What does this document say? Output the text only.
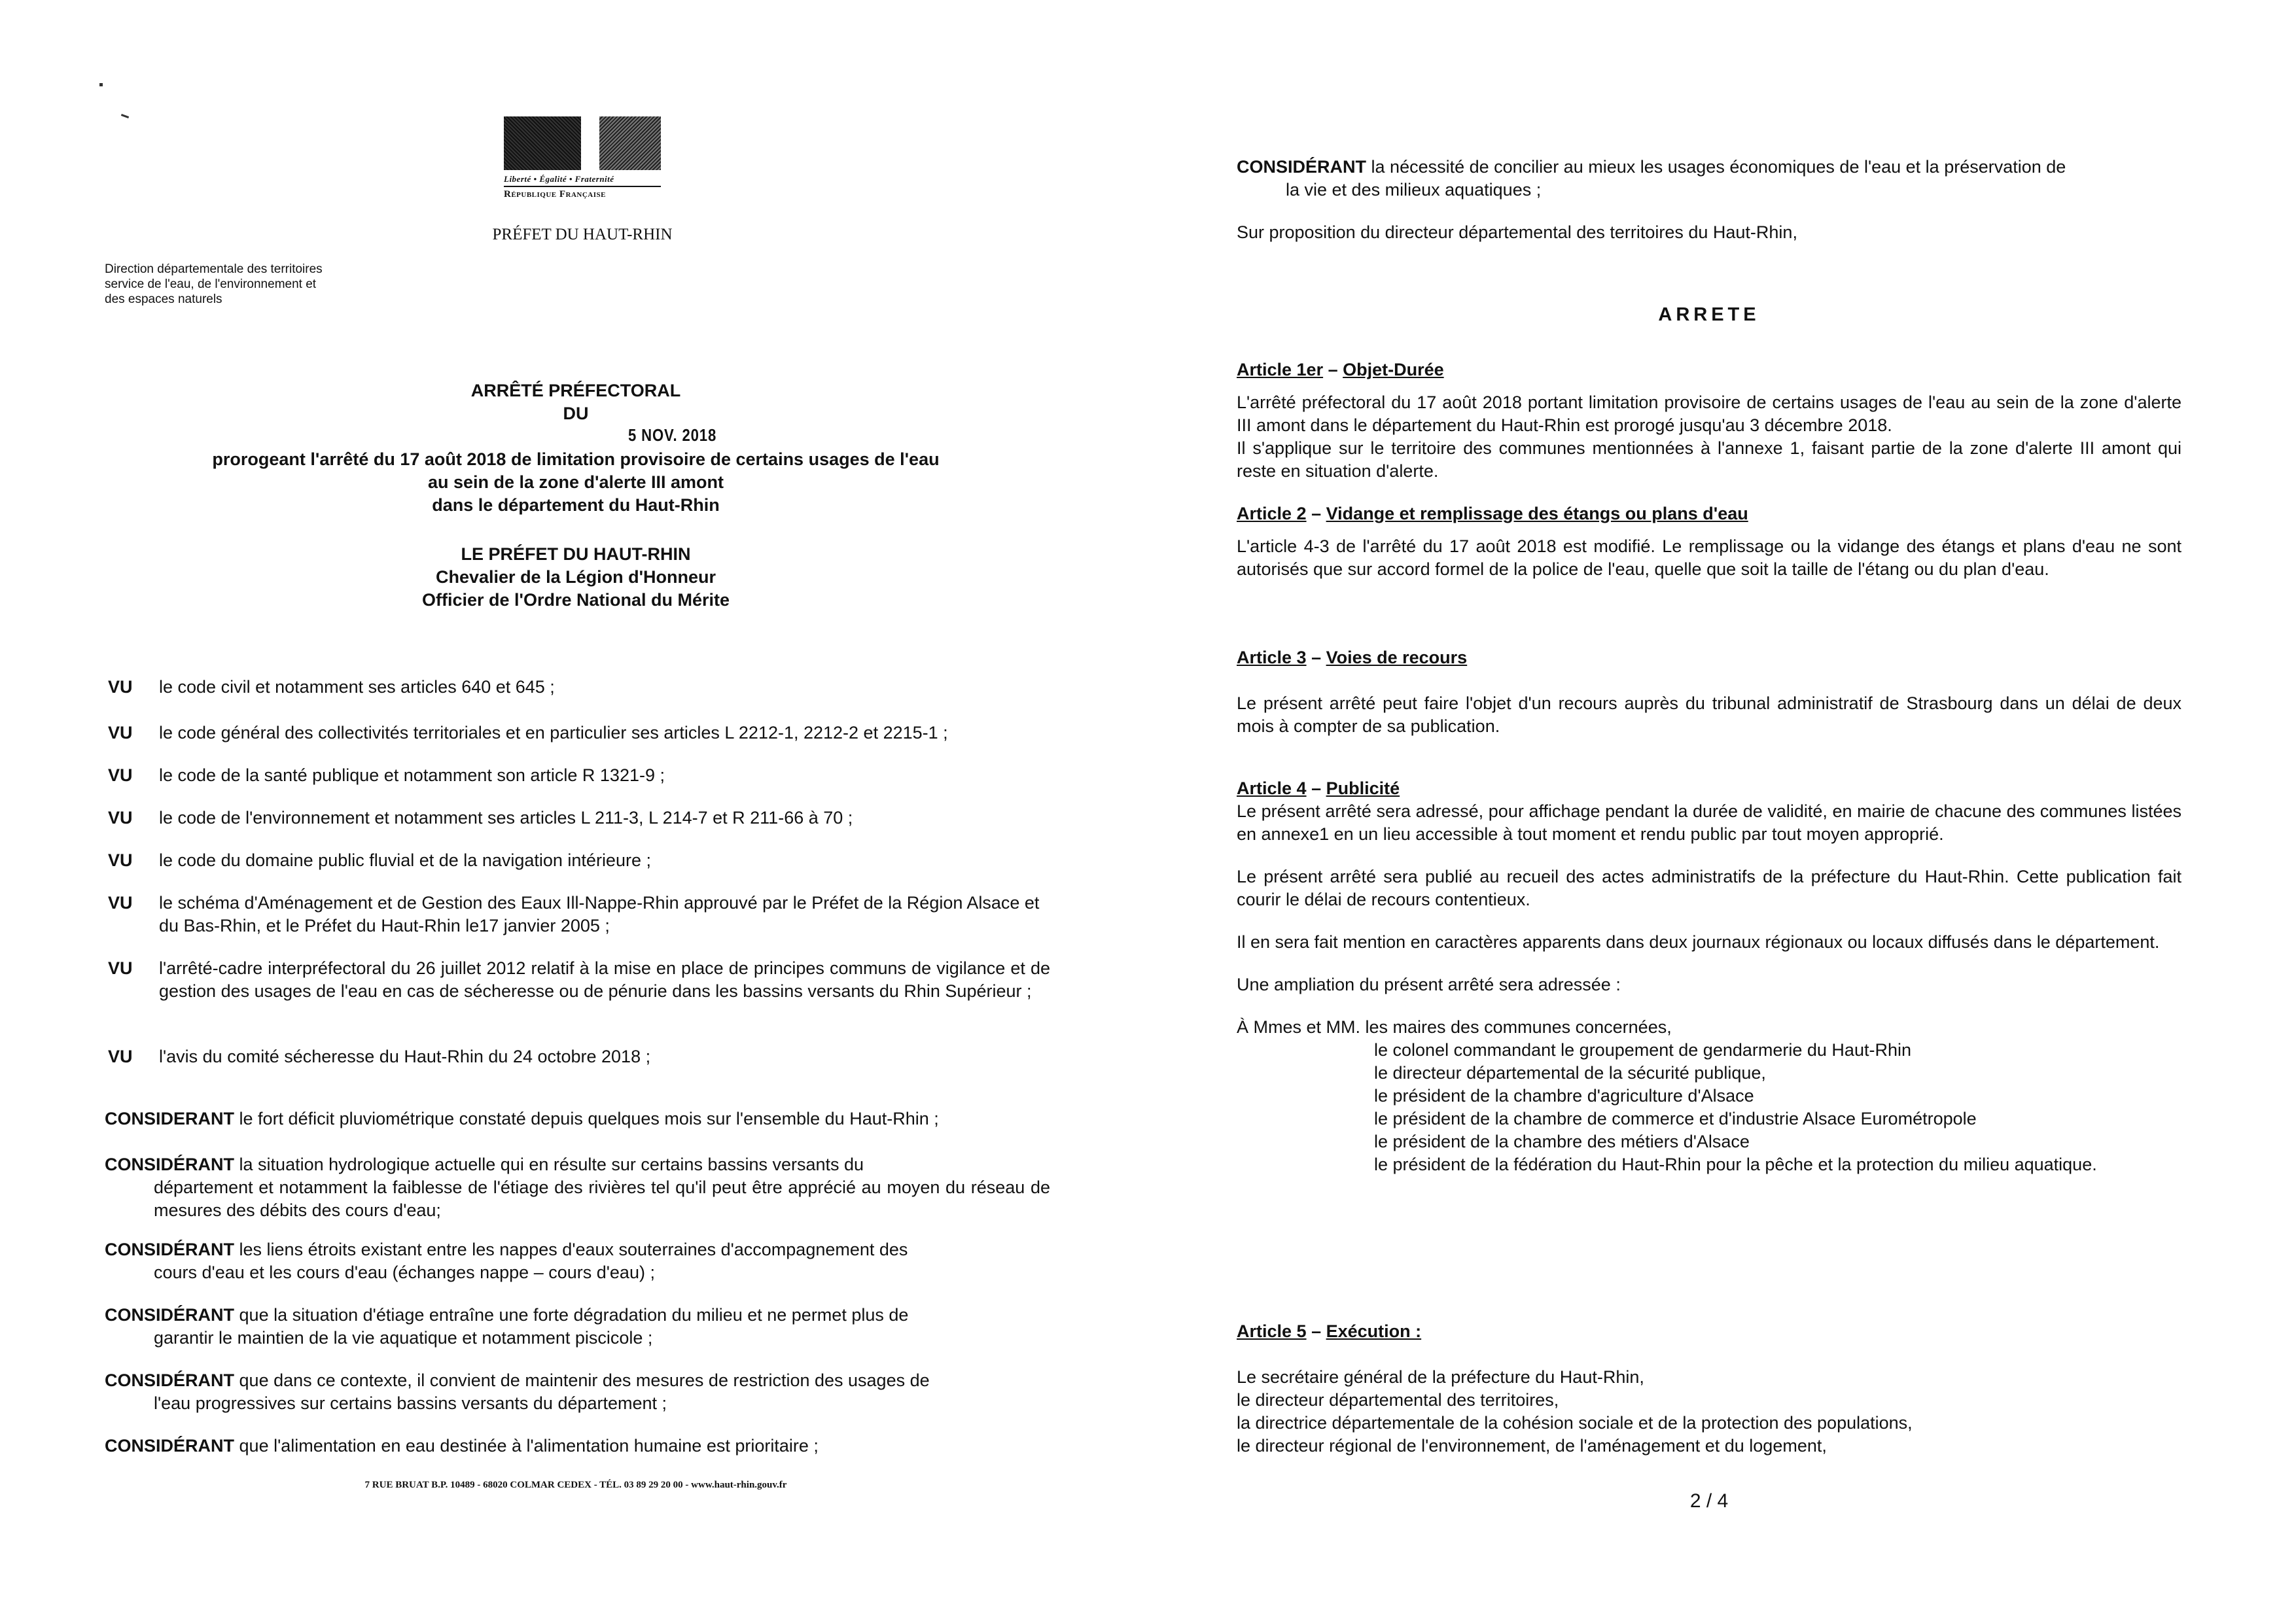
Liberté • Égalité • Fraternité
République Française
PRÉFET DU HAUT-RHIN
Direction départementale des territoires
service de l'eau, de l'environnement et
des espaces naturels
ARRÊTÉ PRÉFECTORAL
DU
prorogeant l'arrêté du 17 août 2018 de limitation provisoire de certains usages de l'eau
au sein de la zone d'alerte III amont
dans le département du Haut-Rhin
5 NOV. 2018
LE PRÉFET DU HAUT-RHIN
Chevalier de la Légion d'Honneur
Officier de l'Ordre National du Mérite
VU	le code civil et notamment ses articles 640 et 645 ;
VU	le code général des collectivités territoriales et en particulier ses articles L 2212-1, 2212-2 et 2215-1 ;
VU	le code de la santé publique et notamment son article R 1321-9 ;
VU	le code de l'environnement et notamment ses articles L 211-3, L 214-7 et R 211-66 à 70 ;
VU	le code du domaine public fluvial et de la navigation intérieure ;
VU	le schéma d'Aménagement et de Gestion des Eaux Ill-Nappe-Rhin approuvé par le Préfet de la Région Alsace et du Bas-Rhin, et le Préfet du Haut-Rhin le17 janvier 2005 ;
VU	l'arrêté-cadre interpréfectoral du 26 juillet 2012 relatif à la mise en place de principes communs de vigilance et de gestion des usages de l'eau en cas de sécheresse ou de pénurie dans les bassins versants du Rhin Supérieur ;
VU	l'avis du comité sécheresse du Haut-Rhin du 24 octobre 2018 ;
CONSIDERANT le fort déficit pluviométrique constaté depuis quelques mois sur l'ensemble du Haut-Rhin ;
CONSIDÉRANT la situation hydrologique actuelle qui en résulte sur certains bassins versants du
département et notamment la faiblesse de l'étiage des rivières tel qu'il peut être apprécié au moyen du réseau de mesures des débits des cours d'eau;
CONSIDÉRANT les liens étroits existant entre les nappes d'eaux souterraines d'accompagnement des
cours d'eau et les cours d'eau (échanges nappe – cours d'eau) ;
CONSIDÉRANT que la situation d'étiage entraîne une forte dégradation du milieu et ne permet plus de
garantir le maintien de la vie aquatique et notamment piscicole ;
CONSIDÉRANT que dans ce contexte, il convient de maintenir des mesures de restriction des usages de
l'eau progressives sur certains bassins versants du département ;
CONSIDÉRANT que l'alimentation en eau destinée à l'alimentation humaine est prioritaire ;
7 RUE BRUAT B.P. 10489 - 68020 COLMAR CEDEX - TÉL. 03 89 29 20 00 - www.haut-rhin.gouv.fr
CONSIDÉRANT la nécessité de concilier au mieux les usages économiques de l'eau et la préservation de
la vie et des milieux aquatiques ;
Sur proposition du directeur départemental des territoires du Haut-Rhin,
ARRETE
Article 1er – Objet-Durée
L'arrêté préfectoral du 17 août 2018 portant limitation provisoire de certains usages de l'eau au sein de la zone d'alerte III amont dans le département du Haut-Rhin est prorogé jusqu'au 3 décembre 2018.
Il s'applique sur le territoire des communes mentionnées à l'annexe 1, faisant partie de la zone d'alerte III amont qui reste en situation d'alerte.
Article 2 – Vidange et remplissage des étangs ou plans d'eau
L'article 4-3 de l'arrêté du 17 août 2018 est modifié. Le remplissage ou la vidange des étangs et plans d'eau ne sont autorisés que sur accord formel de la police de l'eau, quelle que soit la taille de l'étang ou du plan d'eau.
Article 3 – Voies de recours
Le présent arrêté peut faire l'objet d'un recours auprès du tribunal administratif de Strasbourg dans un délai de deux mois à compter de sa publication.
Article 4 – Publicité
Le présent arrêté sera adressé, pour affichage pendant la durée de validité, en mairie de chacune des communes listées en annexe1 en un lieu accessible à tout moment et rendu public par tout moyen approprié.
Le présent arrêté sera publié au recueil des actes administratifs de la préfecture du Haut-Rhin. Cette publication fait courir le délai de recours contentieux.
Il en sera fait mention en caractères apparents dans deux journaux régionaux ou locaux diffusés dans le département.
Une ampliation du présent arrêté sera adressée :
À Mmes et MM. les maires des communes concernées,
le colonel commandant le groupement de gendarmerie du Haut-Rhin
le directeur départemental de la sécurité publique,
le président de la chambre d'agriculture d'Alsace
le président de la chambre de commerce et d'industrie Alsace Eurométropole
le président de la chambre des métiers d'Alsace
le président de la fédération du Haut-Rhin pour la pêche et la protection du milieu aquatique.
Article 5 – Exécution :
Le secrétaire général de la préfecture du Haut-Rhin,
le directeur départemental des territoires,
la directrice départementale de la cohésion sociale et de la protection des populations,
le directeur régional de l'environnement, de l'aménagement et du logement,
2 / 4
